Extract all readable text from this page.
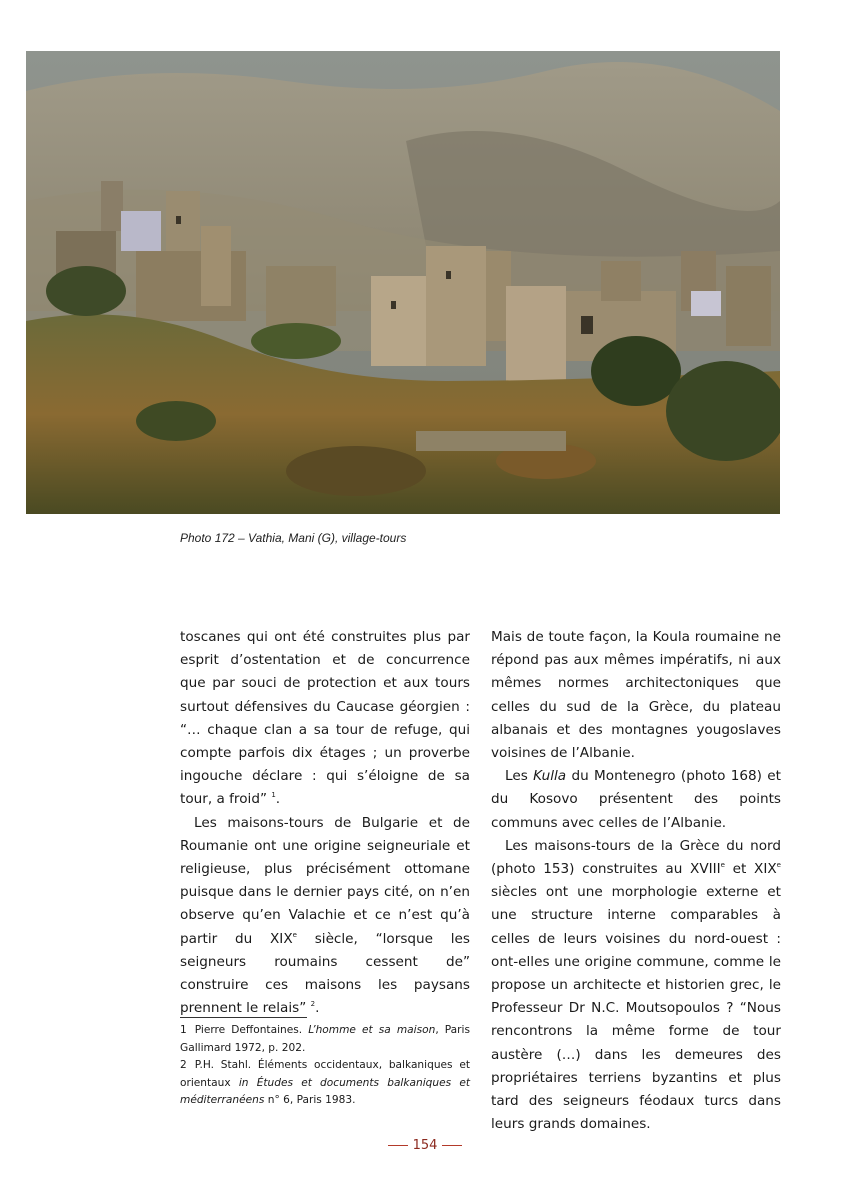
Photo 172 – Vathia, Mani (G), village-tours

toscanes qui ont été construites plus par esprit d’ostentation et de concurrence que par souci de protection et aux tours surtout défensives du Caucase géorgien : “… chaque clan a sa tour de refuge, qui compte parfois dix étages ; un proverbe ingouche déclare : qui s’éloigne de sa tour, a froid” $^1$.

Les maisons-tours de Bulgarie et de Roumanie ont une origine seigneuriale et religieuse, plus précisément ottomane puisque dans le dernier pays cité, on n’en observe qu’en Valachie et ce n’est qu’à partir du XIXe siècle, “lorsque les seigneurs roumains cessent de” construire ces maisons les paysans prennent le relais” $^2$.

Mais de toute façon, la Koula roumaine ne répond pas aux mêmes impératifs, ni aux mêmes normes architectoniques que celles du sud de la Grèce, du plateau albanais et des montagnes yougoslaves voisines de l’Albanie.

Les Kulla du Montenegro (photo 168) et du Kosovo présentent des points communs avec celles de l’Albanie.

Les maisons-tours de la Grèce du nord (photo 153) construites au XVIIIe et XIXe siècles ont une morphologie externe et une structure interne comparables à celles de leurs voisines du nord-ouest : ont-elles une origine commune, comme le propose un architecte et historien grec, le Professeur Dr N.C. Moutsopoulos ? “Nous rencontrons la même forme de tour austère (…) dans les demeures des propriétaires terriens byzantins et plus tard des seigneurs féodaux turcs dans leurs grands domaines.

1 Pierre Deffontaines. L’homme et sa maison, Paris Gallimard 1972, p. 202.

2 P.H. Stahl. Éléments occidentaux, balkaniques et orientaux in Études et documents balkaniques et méditerranéens n° 6, Paris 1983.

154
